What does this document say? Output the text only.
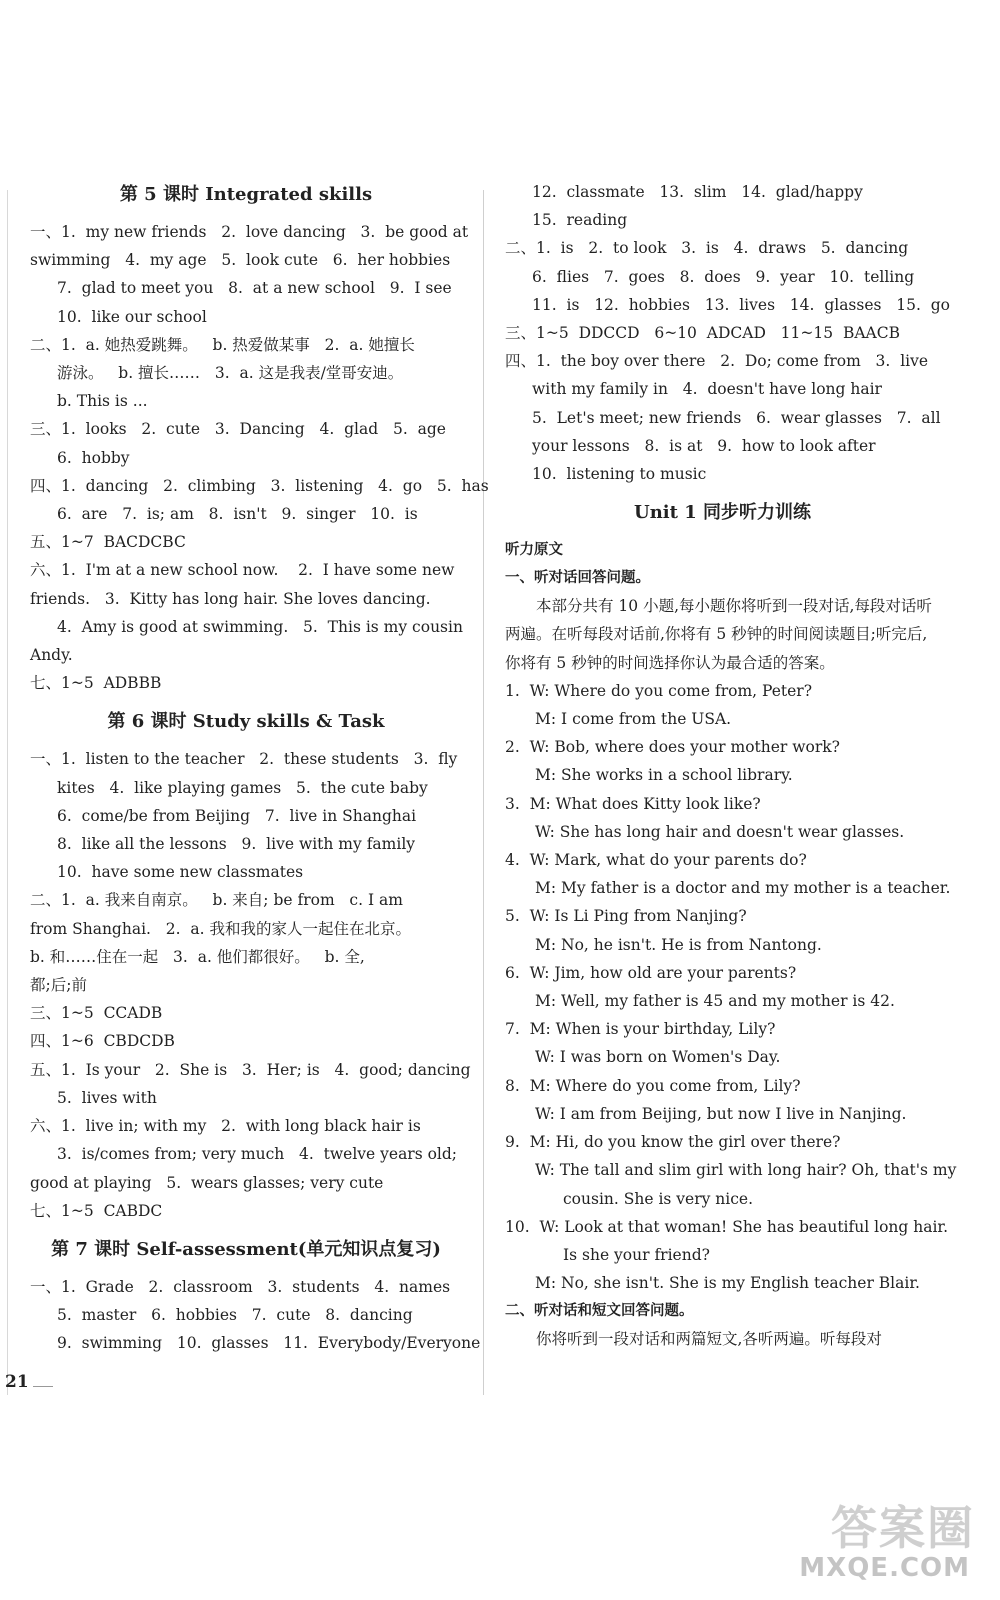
第 5 课时 Integrated skills
一、1.  my new friends   2.  love dancing   3.  be good at
swimming   4.  my age   5.  look cute   6.  her hobbies
7.  glad to meet you   8.  at a new school   9.  I see
10.  like our school
二、1.  a. 她热爱跳舞。   b. 热爱做某事   2.  a. 她擅长
游泳。   b. 擅长……   3.  a. 这是我表/堂哥安迪。
b. This is ...
三、1.  looks   2.  cute   3.  Dancing   4.  glad   5.  age
6.  hobby
四、1.  dancing   2.  climbing   3.  listening   4.  go   5.  has
6.  are   7.  is; am   8.  isn't   9.  singer   10.  is
五、1~7  BACDCBC
六、1.  I'm at a new school now.    2.  I have some new
friends.   3.  Kitty has long hair. She loves dancing.
4.  Amy is good at swimming.   5.  This is my cousin
Andy.
七、1~5  ADBBB
第 6 课时 Study skills & Task
一、1.  listen to the teacher   2.  these students   3.  fly
kites   4.  like playing games   5.  the cute baby
6.  come/be from Beijing   7.  live in Shanghai
8.  like all the lessons   9.  live with my family
10.  have some new classmates
二、1.  a. 我来自南京。   b. 来自; be from   c. I am
from Shanghai.   2.  a. 我和我的家人一起住在北京。
b. 和……住在一起   3.  a. 他们都很好。   b. 全,
都;后;前
三、1~5  CCADB
四、1~6  CBDCDB
五、1.  Is your   2.  She is   3.  Her; is   4.  good; dancing
5.  lives with
六、1.  live in; with my   2.  with long black hair is
3.  is/comes from; very much   4.  twelve years old;
good at playing   5.  wears glasses; very cute
七、1~5  CABDC
第 7 课时 Self-assessment(单元知识点复习)
一、1.  Grade   2.  classroom   3.  students   4.  names
5.  master   6.  hobbies   7.  cute   8.  dancing
9.  swimming   10.  glasses   11.  Everybody/Everyone
21
12.  classmate   13.  slim   14.  glad/happy
15.  reading
二、1.  is   2.  to look   3.  is   4.  draws   5.  dancing
6.  flies   7.  goes   8.  does   9.  year   10.  telling
11.  is   12.  hobbies   13.  lives   14.  glasses   15.  go
三、1~5  DDCCD   6~10  ADCAD   11~15  BAACB
四、1.  the boy over there   2.  Do; come from   3.  live
with my family in   4.  doesn't have long hair
5.  Let's meet; new friends   6.  wear glasses   7.  all
your lessons   8.  is at   9.  how to look after
10.  listening to music
Unit 1 同步听力训练
听力原文
一、听对话回答问题。
本部分共有 10 小题,每小题你将听到一段对话,每段对话听两遍。在听每段对话前,你将有 5 秒钟的时间阅读题目;听完后,你将有 5 秒钟的时间选择你认为最合适的答案。
1.  W: Where do you come from, Peter?
M: I come from the USA.
2.  W: Bob, where does your mother work?
M: She works in a school library.
3.  M: What does Kitty look like?
W: She has long hair and doesn't wear glasses.
4.  W: Mark, what do your parents do?
M: My father is a doctor and my mother is a teacher.
5.  W: Is Li Ping from Nanjing?
M: No, he isn't. He is from Nantong.
6.  W: Jim, how old are your parents?
M: Well, my father is 45 and my mother is 42.
7.  M: When is your birthday, Lily?
W: I was born on Women's Day.
8.  M: Where do you come from, Lily?
W: I am from Beijing, but now I live in Nanjing.
9.  M: Hi, do you know the girl over there?
W: The tall and slim girl with long hair? Oh, that's my
cousin. She is very nice.
10.  W: Look at that woman! She has beautiful long hair.
Is she your friend?
M: No, she isn't. She is my English teacher Blair.
二、听对话和短文回答问题。
你将听到一段对话和两篇短文,各听两遍。听每段对
答案圈
MXQE.COM
